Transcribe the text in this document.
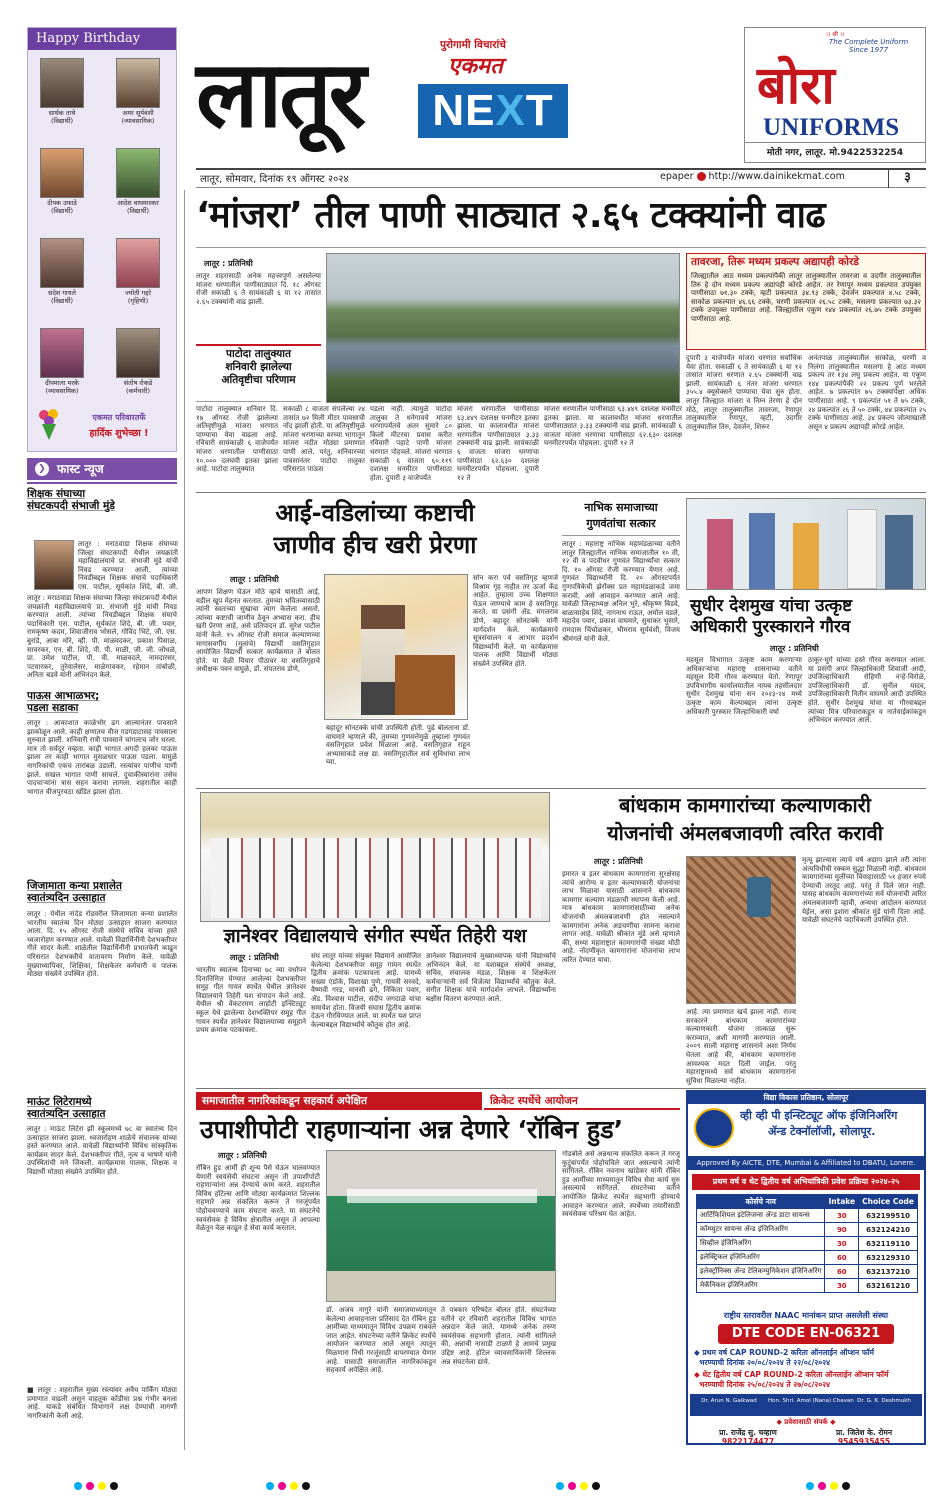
Happy Birthday
सार्थक ताथे
(विद्यार्थी)
अमर सूर्यवंशी
(व्यावसायिक)
दीपक उफाडे
(विद्यार्थी)
आदेश वाघमारकर
(विद्यार्थी)
संदेश गायले
(विद्यार्थी)
ज्योती गद्दरे
(गृहिणी)
दीपमाला मरके
(व्यावसायिक)
संतोष रोकडे
(कर्मचारी)
एकमत परिवारतर्फे
हार्दिक शुभेच्छा !
❯ फास्ट न्यूज
शिक्षक संघाच्या
संघटकपदी संभाजी मुंडे
लातूर : मराठवाडा शिक्षक संघाच्या जिल्हा संघटकपदी येथील जयक्रांती महाविद्यालयाचे प्रा. संभाजी मुंडे यांची निवड करण्यात आली. त्यांच्या निवडीबद्दल शिक्षक संघाचे पदाधिकारी एस. पाटील, सूर्यकांत शिंदे, बी. जी.
लातूर : मराठवाडा शिक्षक संघाच्या जिल्हा संघटकपदी येथील जयक्रांती महाविद्यालयाचे प्रा. संभाजी मुंडे यांची निवड करण्यात आली. त्यांच्या निवडीबद्दल शिक्षक संघाचे पदाधिकारी एस. पाटील, सूर्यकांत शिंदे, बी. जी. पवार, रामकृष्ण कदम, शिवाजीराव भोसले, गोविंद भिटे, जी. एस. बुरांडे, आबा मोरे, व्ही. पी. माळवदकर, प्रकाश पिसाळ, सावरकर, एन. बी. शिंदे, पी. पी. माळी, जी. जी. जोंधळे, प्रा. उमेश पाटील, पी. वी. माळवदले, नामदारसर, पटवारकर, तुरेवालेसर, माळेगावकर, रहेमान तांबोळी, अनिता बडवे यांनी अभिनंदन केले.
पाऊस आभाळभर;
पडला सडाका
लातूर : आकाशात काळेभोर ढग आल्यानंतर पावसाने झाकोळून आले. काही क्षणातच वीज गडगडाटासह पावसाला सुरुवात झाली. शनिवारी रात्री पावसाने चांगलाच जोर धरला. मात्र तो सर्वदूर नव्हता. काही भागात अगदी हलका पाऊस झाला तर काही भागात मुसळधार पाऊस पडला. यामुळे नागरिकांची एकच तारांबळ उडाली. रस्त्यांवर पाणीच पाणी झाले. सखल भागात पाणी साचले. दुचाकीस्वारांना तसेच पादचाऱ्यांना त्रास सहन करावा लागला. शहरातील काही भागात वीजपुरवठा खंडित झाला होता.
जिजामाता कन्या प्रशालेत
स्वातंत्र्यदिन उत्साहात
लातूर : येथील नांदेड रोडवरील जिजामाता कन्या प्रशालेत भारतीय स्वातंत्र्य दिन मोठ्या उत्साहात साजरा करण्यात आला. दि. १५ ऑगस्ट रोजी संस्थेचे सचिव यांच्या हस्ते ध्वजारोहण करण्यात आले. यावेळी विद्यार्थिनींनी देशभक्तीपर गीते सादर केली. शाळेतील विद्यार्थिनींनी प्रभातफेरी काढून परिसरात देशभक्तीचे वातावरण निर्माण केले. यावेळी मुख्याध्यापिका, शिक्षिका, शिक्षकेतर कर्मचारी व पालक मोठ्या संख्येने उपस्थित होते.
माऊंट लिटेरामध्ये
स्वातंत्र्यदिन उत्साहात
लातूर : माऊंट लिटेरा झी स्कूलमध्ये ७८ वा स्वातंत्र्य दिन उत्साहात साजरा झाला. ध्वजारोहण शाळेचे संचालक यांच्या हस्ते करण्यात आले. यावेळी विद्यार्थ्यांनी विविध सांस्कृतिक कार्यक्रम सादर केले. देशभक्तीपर गीते, नृत्य व भाषणे यांनी उपस्थितांची मने जिंकली. कार्यक्रमास पालक, शिक्षक व विद्यार्थी मोठ्या संख्येने उपस्थित होते.
■ लातूर : शहरातील मुख्य रस्त्यांवर अवैध पार्किंग मोठ्या प्रमाणात वाढली असून वाहतूक कोंडीचा प्रश्न गंभीर बनला आहे. याकडे संबंधित विभागाने लक्ष देण्याची मागणी नागरिकांनी केली आहे.
लातूर	पुरोगामी विचारांचे
एकमत
NEXT
लातूर, सोमवार, दिनांक १९ ऑगस्ट २०२४	epaper http://www.dainikekmat.com	३
।। श्री ।।
The Complete Uniform
Since 1977
बोरा
UNIFORMS
मोती नगर, लातूर. मो.9422532254
‘मांजरा’ तील पाणी साठ्यात २.६५ टक्क्यांनी वाढ
लातूर : प्रतिनिधी
लातूर शहरासाठी अनेक महत्त्वपूर्ण असलेल्या मांजरा धरणातील पाणीसाठ्यात दि. १८ ऑगस्ट रोजी सकाळी ६ ते सायंकाळी ६ या १२ तासांत २.६५ टक्क्यांनी वाढ झाली.
पाटोदा तालुक्यात
शनिवारी झालेल्या
अतिवृष्टीचा परिणाम
पाटोदा तालुक्यात शनिवार दि. १७ ऑगस्ट रोजी झालेल्या अतिवृष्टीमुळे मांजरा धरणात पाण्याचा येवा वाढला आहे. रविवारी सायंकाळी ६ वाजेपर्यंत मांजरा धरणातील पाणीसाठा १०.००० दलघमी इतका झाला आहे. पाटोदा तालुक्यात
सकाळी ८ वाजता संपलेल्या २४ तासांत ७२ मिली मीटर पावसाची नोंद झाली होती. या अतिवृष्टीमुळे मांजरा धरणाच्या वरच्या भागातून मांजरा नदीत मोठ्या प्रमाणात पाणी आले. परंतु, शनिवारच्या पावसानंतर पाटोदा तालुका परिसरात पाऊस
पडला नाही. त्यामुळे पाटोदा तालुका ते धनेगावचे मांजरा धरणापर्यंतचे अंतर सुमारे ८० किलो मीटरचा प्रवास करीत रविवारी पहाटे पाणी मांजरा धरणात पोहचले. मांजरा धरणात सकाळी ६ वाजता ६०.११९ दशलक्ष घनमीटर पाणीसाठा होता. दुपारी ३ वाजेपर्यंत
मांजरा धरणातील पाणीसाठा ६३.४४९ दशलक्ष घनमीटर इतका झाला. या कालावधीत मांजरा धरणातील पाणीसाठ्यात ३.३३ टक्क्यांनी वाढ झाली. सायंकाळी ६ वाजता मांजरा धरणाचा पाणीसाठा ६२.६३० दशलक्ष घनमीटरपर्यंत पोहचला. दुपारी १२ ते
मांजरा धरणातील पाणीसाठा ६३.४४९ दशलक्ष घनमीटर इतका झाला. या कालावधीत मांजरा धरणातील पाणीसाठ्यात ३.३३ टक्क्यांनी वाढ झाली. सायंकाळी ६ वाजता मांजरा धरणाचा पाणीसाठा ६२.६३० दशलक्ष घनमीटरपर्यंत पोहचला. दुपारी १२ ते
तावरजा, तिरू मध्यम प्रकल्प अद्यापही कोरडे
जिल्ह्यातील आठ मध्यम प्रकल्पांपैकी लातूर तालुक्यातील तावरजा व उदगीर तालुक्यातील तिरु हे दोन मध्यम प्रकल्प अद्यापही कोरडे आहेत. तर रेणापूर मध्यम प्रकल्पात उपयुक्त पाणीसाठा ७१.३० टक्के, व्हटी प्रकल्पात ३४.९३ टक्के, देवर्जन प्रकल्पात ४.५८ टक्के, साकोळ प्रकल्पात ४६.६६ टक्के, घरणी प्रकल्पात २६.५८ टक्के, मसलगा प्रकल्पात ७३.३२ टक्के उपयुक्त पाणीसाठा आहे. जिल्ह्यातील एकूण १४४ प्रकल्पांत २६.७५ टक्के उपयुक्त पाणीसाठा आहे.
दुपारी ३ वाजेपर्यंत मांजरा धरणात सर्वाधिक येवा होता. सकाळी ६ ते सायंकाळी ६ या १२ तासांत मांजरा धरणात २.६५ टक्क्यांनी वाढ झाली. सायंकाळी ६ नंतर मांजरा धरणात ३५५.४ क्यूसेक्सने पाण्याचा येवा सुरु होता. लातूर जिल्ह्यात मांजरा व निम्न तेरणा हे दोन मोठे, लातूर तालुक्यातील तावरजा, रेणापूर तालुक्यातील रेणापूर, व्हटी, उदगीर तालुक्यातील तिरु, देवर्जन, शिरूर
अनंतपाळ तालुक्यातील साकोळ, घरणी व निलंगा तालुक्यातील मसलगा हे आठ मध्यम प्रकल्प तर १३४ लघु प्रकल्प आहेत. या एकूण १४४ प्रकल्पांपैकी २२ प्रकल्प पूर्ण भरलेले आहेत. ७ प्रकल्पांत ७५ टक्क्यांपेक्षा अधिक पाणीसाठा आहे. ९ प्रकल्पांत ५१ ते ७५ टक्के, २४ प्रकल्पांत २६ ते ५० टक्के, ४४ प्रकल्पांत २५ टक्के पाणीसाठा आहे. ३४ प्रकल्प जोत्याखाली असून ४ प्रकल्प अद्यापही कोरडे आहेत.
आई-वडिलांच्या कष्टाची
जाणीव हीच खरी प्रेरणा
लातूर : प्रतिनिधी
आपण शिक्षण घेऊन मोठे व्हावे यासाठी आई, वडील खूप मेहनत करतात. तुमच्या भवितव्यासाठी त्यांनी स्वतःच्या सुखाचा त्याग केलेला असतो. त्यांच्या कष्टाची जाणीव ठेवून अभ्यास करा. हीच खरी प्रेरणा आहे, असे प्रतिपादन डॉ. सुरेश पाटील यांनी केले. १५ ऑगस्ट रोजी समाज कल्याणच्या मागासवर्गीय (मुलांचे) विद्यार्थी वसतिगृहात आयोजित विद्यार्थी सत्कार कार्यक्रमात ते बोलत होते. या वेळी विचार पीठावर या वसतिगृहाचे अधीक्षक पवन वाघुळे, डॉ. संपतराव डोणे,
बहादूर सोनटक्के यांची उपस्थिती होती. पुढे बोलताना डॉ. वाघमारे म्हणाले की, तुमच्या गुणवत्तेमुळे तुम्हाला गुणवंत वसतिगृहात प्रवेश मिळाला आहे. वसतिगृहात राहून अभ्यासाकडे लक्ष द्या. वसतिगृहातील सर्व सुविधांचा लाभ घ्या.
सोन करा पर्व वसतिगृह म्हणजे विश्राम गृह नाहीत तर ऊर्जा केंद्र आहेत. तुम्हाला उच्च शिक्षणात घेऊन जाण्याचे काम हे वसतिगृह करते. या प्रसंगी ॲड. मंगलराव डोणे, बहादूर सोनटक्के यांनी मार्गदर्शन केले. कार्यक्रमाचे सूत्रसंचालन व आभार प्रदर्शन विद्यार्थ्यांनी केले. या कार्यक्रमास पालक आणि विद्यार्थी मोठ्या संख्येने उपस्थित होते.
नाभिक समाजाच्या
गुणवंतांचा सत्कार
लातूर : महाराष्ट्र नाभिक महामंडळाच्या वतीने लातूर जिल्ह्यातील नाभिक समाजातील १० वी, १२ वी व पदवीधर गुणवंत विद्यार्थ्यांचा सत्कार दि. १० ऑगस्ट रोजी करण्यात येणार आहे. गुणवंत विद्यार्थ्यांनी दि. २० ऑगस्टपर्यंत गुणपत्रिकेची झेरॉक्स प्रत महामंडळाकडे जमा करावी, असे आवाहन करण्यात आले आहे. यावेळी जिल्हाध्यक्ष अनिल भुरे, श्रीकृष्ण बिडवे, बाळासाहेब शिंदे, नागनाथ राऊत, अमोल वडले, महादेव पवार, प्रकाश वाघमारे, सुधाकर भुसारे, रामदास चिंचोळकर, भीमराव सूर्यवंशी, विजय श्रीमंगले यांनी केले.
सुधीर देशमुख यांचा उत्कृष्ट
अधिकारी पुरस्काराने गौरव
लातूर : प्रतिनिधी
महसूल विभागात उत्कृष्ट काम करणाऱ्या अधिकाऱ्यांचा महाराष्ट्र शासनाच्या वतीने महसूल दिनी गौरव करण्यात येतो. रेणापूर उपविभागीय कार्यालयातील नायब तहसीलदार सुधीर देशमुख यांना सन २०२३-२४ मध्ये उत्कृष्ट काम केल्याबद्दल त्यांना उत्कृष्ट अधिकारी पुरस्कार जिल्हाधिकारी वर्षा
ठाकूर-घुगे यांच्या हस्ते गौरव करण्यात आला. या प्रसंगी अपर जिल्हाधिकारी शिवाजी आदी, उपजिल्हाधिकारी रोहिणी नऱ्हे-विरोळे, उपजिल्हाधिकारी डॉ. सुनील यादव, उपजिल्हाधिकारी नितीन वाघमारे आदी उपस्थित होते. सुधीर देशमुख यांचा या गौरवाबद्दल त्यांच्या मित्र परिवाराकडून व नातेवाईकांकडून अभिनंदन करण्यात आले.
ज्ञानेश्वर विद्यालयाचे संगीत स्पर्धेत तिहेरी यश
लातूर : प्रतिनिधी
भारतीय स्वातंत्र्य दिनाच्या ७८ व्या वर्धापन दिनानिमित्त घेण्यात आलेल्या देशभक्तीपर समूह गीत गायन स्पर्धेत येथील ज्ञानेश्वर विद्यालयाने तिहेरी यश संपादन केले आहे. येथील श्री वेंकटरमण लाहोटी इन्स्टिट्यूट स्कूल येथे झालेल्या देशभक्तिपर समूह गीत गायन स्पर्धेत ज्ञानेश्वर विद्यालयाच्या समूहाने प्रथम क्रमांक पटकावला.
संघ लातूर यांच्या संयुक्त विद्यमाने आयोजित केलेल्या देशभक्तीपर समूह गायन स्पर्धेत द्वितीय क्रमांक पटकावला आहे. यामध्ये सख्या एंडोके, विशाखा पुणे, गायत्री सरवदे, वैष्णवी गरड, मानसी ढगे, निकिता पवार, ॲड. विश्वास पाटील, संदीप जगदाळे यांचा समावेश होता. विजयी संघास द्वितीय क्रमांक देऊन गौरविण्यात आले. या स्पर्धेत यश प्राप्त केल्याबद्दल विद्यार्थ्यांचे कौतुक होत आहे.
ज्ञानेश्वर विद्यालयाचे मुख्याध्यापक यांनी विद्यार्थ्यांचे अभिनंदन केले. या यशाबद्दल संस्थेचे अध्यक्ष, सचिव, संचालक मंडळ, शिक्षक व शिक्षकेतर कर्मचाऱ्यांनी सर्व विजेत्या विद्यार्थ्यांचे कौतुक केले. संगीत शिक्षक यांचे मार्गदर्शन लाभले. विद्यार्थ्यांना बक्षीस वितरण करण्यात आले.
बांधकाम कामगारांच्या कल्याणकारी
योजनांची अंमलबजावणी त्वरित करावी
लातूर : प्रतिनिधी
इमारत व इतर बांधकाम कामगारांना सुरक्षेसह त्यांचे आरोग्य व इतर कल्याणकारी योजनांचा लाभ मिळावा यासाठी शासनाने बांधकाम कामगार कल्याण मंडळाची स्थापना केली आहे. मात्र बांधकाम कामगारांसाठीच्या अनेक योजनांची अंमलबजावणी होत नसल्याने कामगारांना अनेक अडचणींचा सामना करावा लागत आहे. यावेळी श्रीकांत मुंडे असे म्हणाले की, सध्या महाराष्ट्रात कामगारांची संख्या मोठी आहे. नोंदणीकृत कामगारांना योजनांचा लाभ त्वरित देण्यात यावा.
आहे. त्या प्रमाणात खर्च झाला नाही. राज्य सरकारने बांधकाम कामगारांच्या कल्याणकारी योजना तात्काळ सुरू कराव्यात, अशी मागणी करण्यात आली. २००९ साली महाराष्ट्र शासनाने अशा निर्णय घेतला आहे की, बांधकाम कामगारांना आवश्यक मदत दिली जाईल. परंतु महाराष्ट्रामध्ये सर्व बांधकाम कामगारांना सुविधा मिळाल्या नाहीत.
मृत्यू झाल्यास त्याचे वर्ष अद्याप झाले तरी त्यांना अंत्यविधीची रक्कम सुद्धा मिळाली नाही. बांधकाम कामगारांच्या मुलींच्या विवाहासाठी ५१ हजार रुपये देण्याची तरतूद आहे. परंतु ते दिले जात नाही. यासह बांधकाम कामगारांच्या सर्व योजनांची त्वरित अंमलबजावणी व्हावी, अन्यथा आंदोलन करण्यात येईल, असा इशारा श्रीकांत मुंडे यांनी दिला आहे. यावेळी संघटनेचे पदाधिकारी उपस्थित होते.
समाजातील नागरिकांकडून सहकार्य अपेक्षित	क्रिकेट स्पर्धेचे आयोजन
उपाशीपोटी राहणाऱ्यांना अन्न देणारे ‘रॉबिन हुड’
लातूर : प्रतिनिधी
रॉबिन हुड आर्मी ही शून्य पैसे घेऊन चालवण्यात येणारी स्वयंसेवी संघटना असून ती उपाशीपोटी राहणाऱ्यांना अन्न देण्याचे काम करते. शहरातील विविध हॉटेल्स आणि मोठ्या कार्यक्रमांत शिल्लक राहणारे अन्न संकलित करून ते गरजूंपर्यंत पोहोचवण्याचे काम संघटना करते. या संघटनेचे स्वयंसेवक हे विविध क्षेत्रातील असून ते आपल्या वेळेतून वेळ काढून हे सेवा कार्य करतात.
डॉ. अजय नागुरे यांनी समाजमाध्यमातून केलेल्या आवाहनाला प्रतिसाद देत रॉबिन हुड आर्मीच्या माध्यमातून विविध उपक्रम राबवले जात आहेत. संघटनेच्या वतीने क्रिकेट स्पर्धेचे आयोजन करण्यात आले असून त्यातून मिळणारा निधी गरजूंसाठी वापरण्यात येणार आहे. यासाठी समाजातील नागरिकांकडून सहकार्य अपेक्षित आहे.
ते पत्रकार परिषदेत बोलत होते. संघटनेच्या वतीने दर रविवारी शहरातील विविध भागांत अन्नदान केले जाते. यामध्ये अनेक तरुण स्वयंसेवक सहभागी होतात. त्यांनी सांगितले की, अन्नाची नासाडी टाळणे हे आमचे प्रमुख उद्दिष्ट आहे. हॉटेल व्यावसायिकांनी शिल्लक अन्न संघटनेला द्यावे.
गोडबोले असे अन्नधान्य संकलित करून ते गरजू कुटुंबांपर्यंत पोहोचविले जात असल्याचे त्यांनी सांगितले. रॉबिन नवनाथ खांडेकर यांनी रॉबिन हुड आर्मीच्या माध्यमातून विविध सेवा कार्य सुरु असल्याचे सांगितले. संघटनेच्या वतीने आयोजित क्रिकेट स्पर्धेत सहभागी होण्याचे आवाहन करण्यात आले. स्पर्धेच्या तयारीसाठी स्वयंसेवक परिश्रम घेत आहेत.
विद्या विकास प्रतिष्ठान, सोलापूर
व्ही व्ही पी इन्स्टिट्यूट ऑफ इंजिनिअरिंग
ॲन्ड टेक्नॉलॉजी, सोलापूर.
Approved By AICTE, DTE, Mumbai & Affiliated to DBATU, Lonere.
प्रथम वर्ष व थेट द्वितीय वर्ष अभियांत्रिकी प्रवेश प्रक्रिया २०२४-२५
कोर्सचे नाव	Intake	Choice Code
आर्टिफिशियल इंटेलिजन्स ॲन्ड डाटा सायन्स	30	632199510
कॉम्प्युटर सायन्स ॲन्ड इंजिनिअरिंग	90	632124210
सिव्हील इंजिनिअरिंग	30	632119110
इलेक्ट्रिकल इंजिनिअरिंग	60	632129310
इलेक्ट्रॉनिक्स ॲन्ड टेलिकम्युनिकेशन इंजिनिअरिंग	60	632137210
मेकॅनिकल इंजिनिअरिंग	30	632161210
राष्ट्रीय स्तरावरील NAAC मानांकन प्राप्त असलेली संस्था
DTE CODE EN-06321
◆ प्रथम वर्ष CAP ROUND-2 करिता ऑनलाईन ऑप्शन फॉर्म
भरण्याची दिनांक २०/०८/२०२४ ते २२/०८/२०२४
◆ थेट द्वितीय वर्ष CAP ROUND-2 करिता ऑनलाईन ऑप्शन फॉर्म
भरण्याची दिनांक २५/०८/२०२४ ते २७/०८/२०२४
Dr. Arun N. Gaikwad	Hon. Shri. Amol (Nana) Chavan Dr. G. K. Deshmukh
◆ प्रवेशासाठी संपर्क ◆
प्रा. राजेंद्र सु. चव्हाण
9822174477
प्रा. जितेश के. रोमन
9545935455
